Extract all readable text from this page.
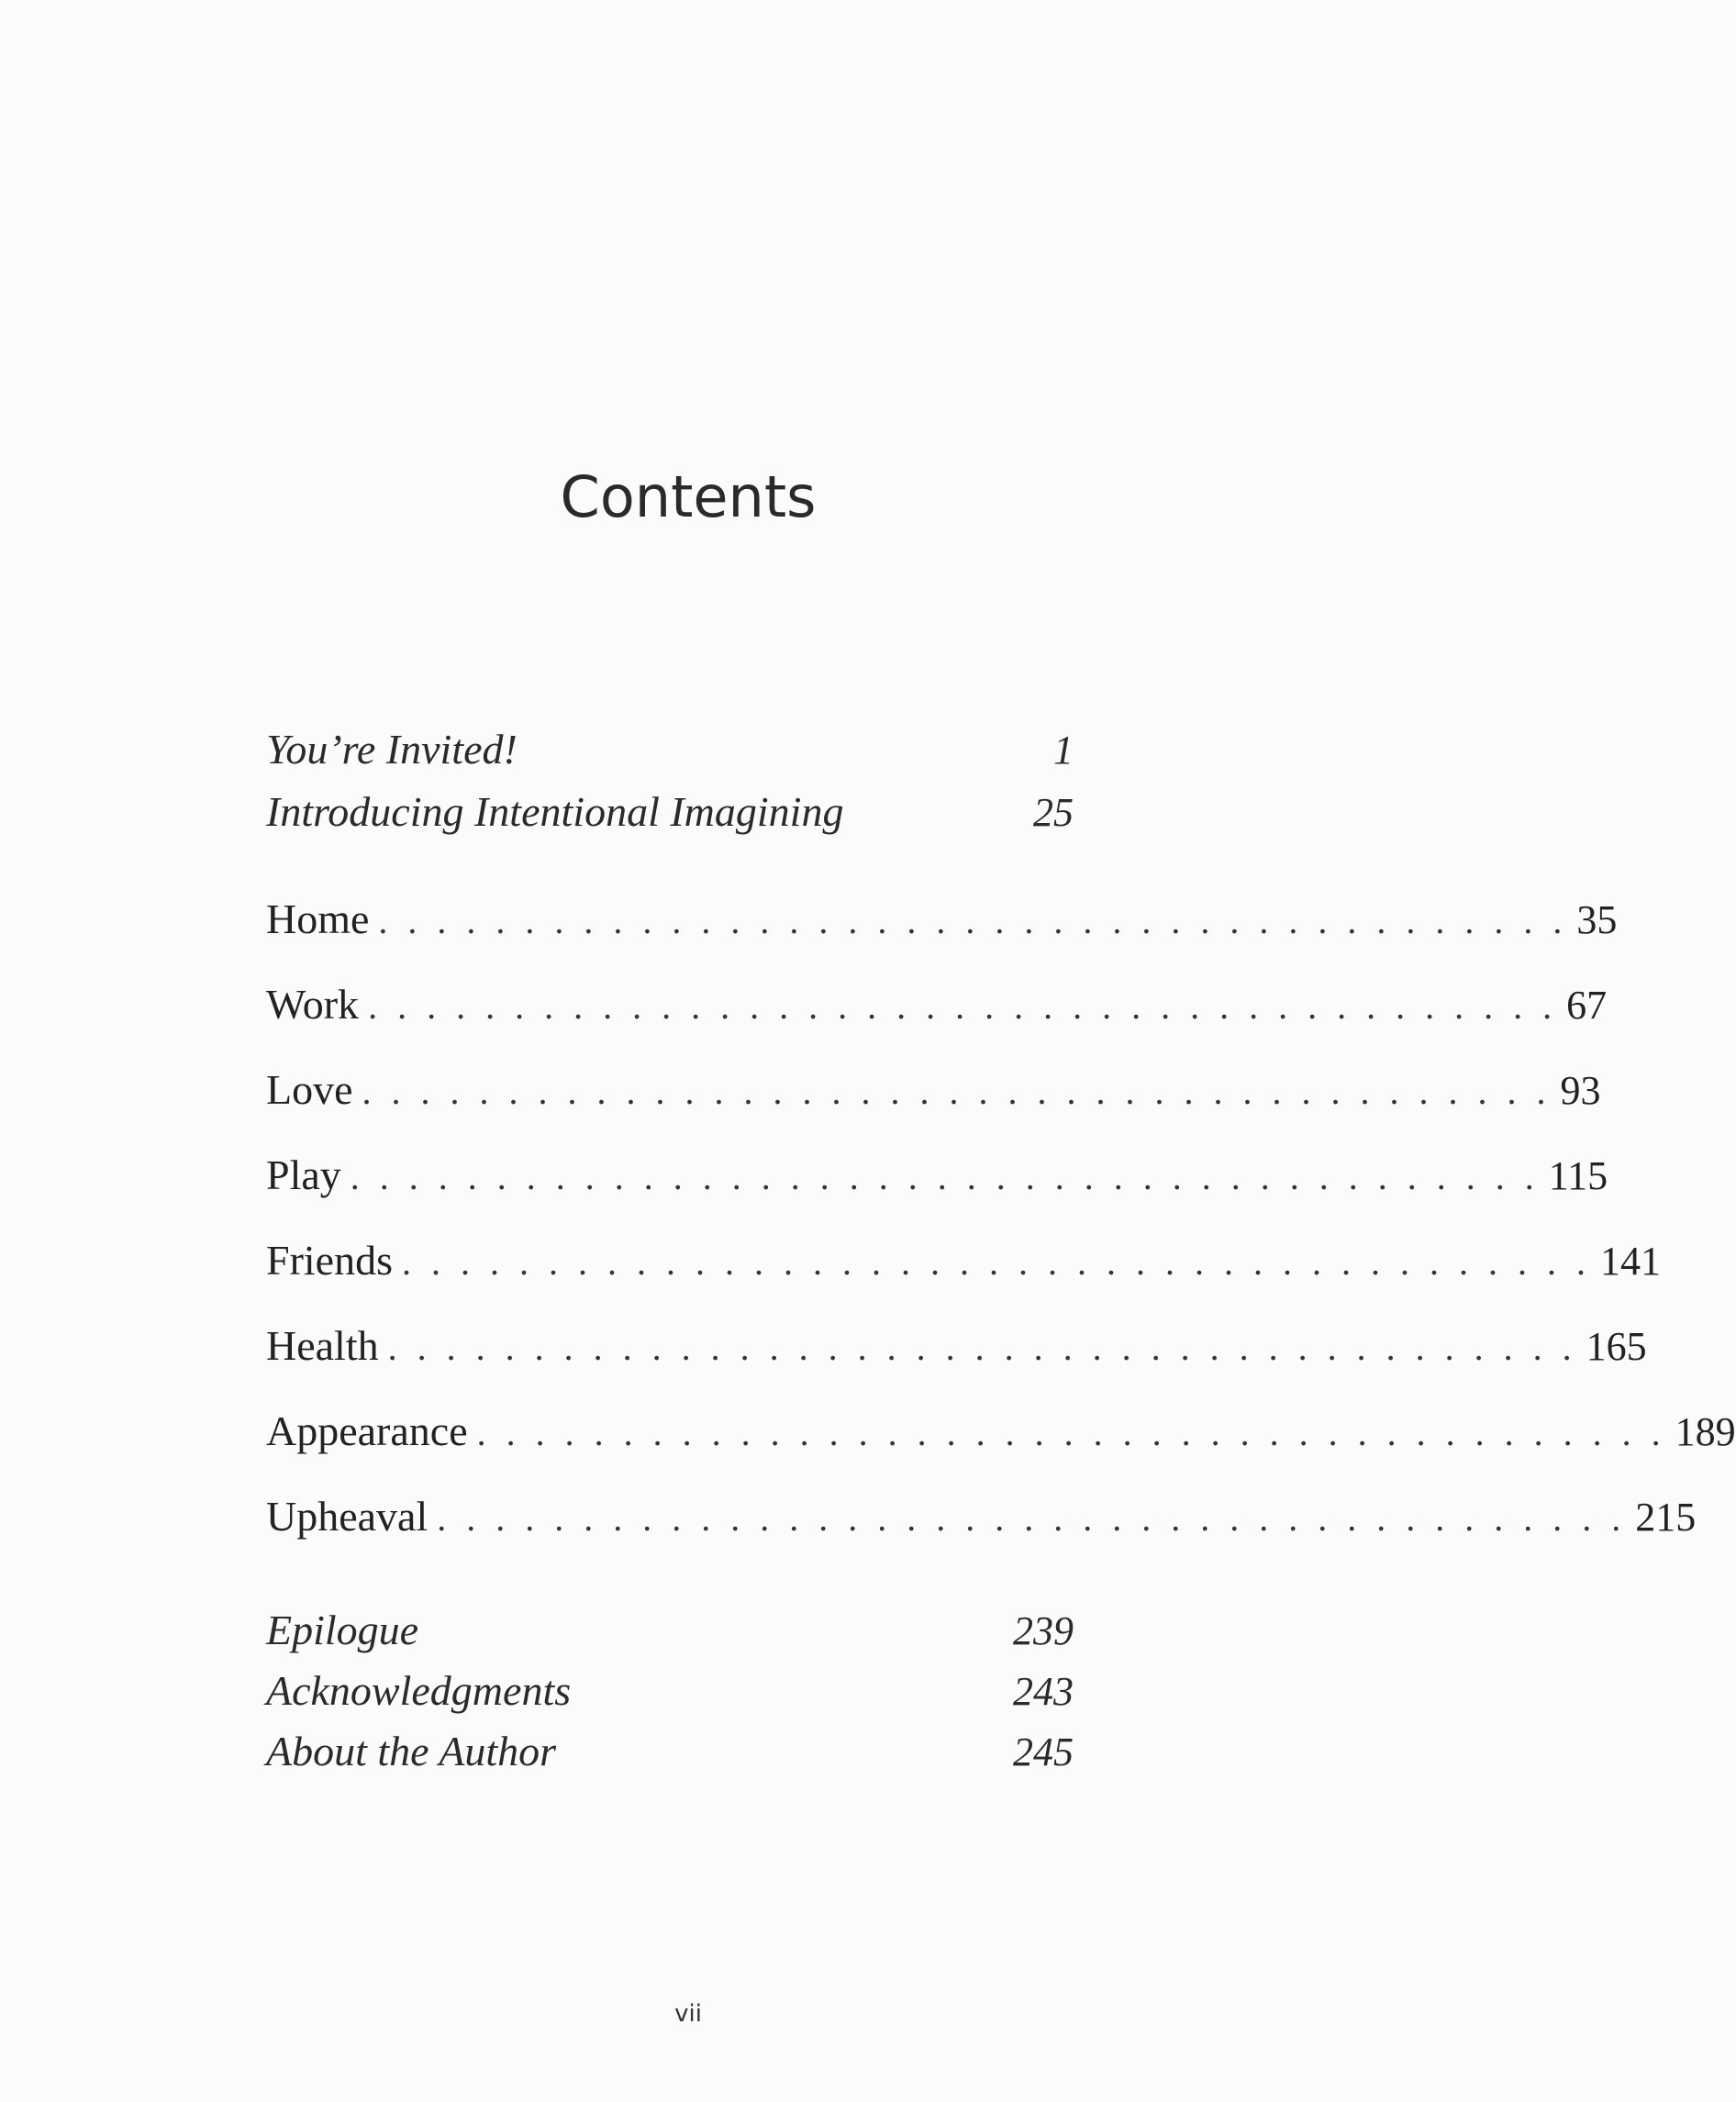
Contents
You’re Invited!	1
Introducing Intentional Imagining	25
Home . . . . . . . . . . . . . . . . . . . . . . . . . . . . . . . . . . . . . . . . . 35
Work . . . . . . . . . . . . . . . . . . . . . . . . . . . . . . . . . . . . . . . . . 67
Love . . . . . . . . . . . . . . . . . . . . . . . . . . . . . . . . . . . . . . . . . 93
Play . . . . . . . . . . . . . . . . . . . . . . . . . . . . . . . . . . . . . . . . . 115
Friends . . . . . . . . . . . . . . . . . . . . . . . . . . . . . . . . . . . . . . . . . 141
Health . . . . . . . . . . . . . . . . . . . . . . . . . . . . . . . . . . . . . . . . . 165
Appearance . . . . . . . . . . . . . . . . . . . . . . . . . . . . . . . . . . . . . . . . . 189
Upheaval . . . . . . . . . . . . . . . . . . . . . . . . . . . . . . . . . . . . . . . . . 215
Epilogue	239
Acknowledgments	243
About the Author	245
vii
